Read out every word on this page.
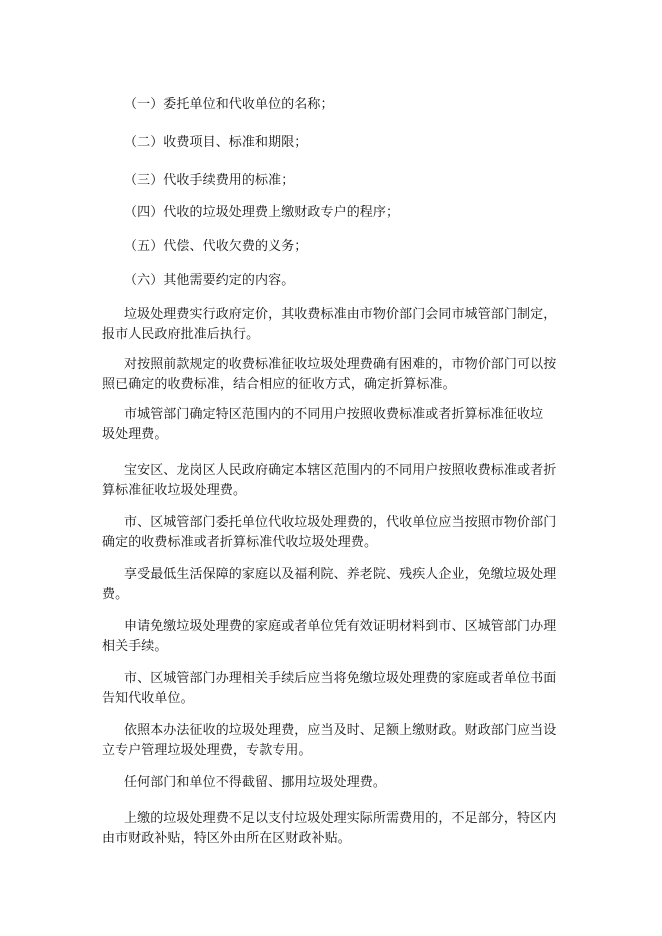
（一）委托单位和代收单位的名称；
（二）收费项目、标准和期限；
（三）代收手续费用的标准；
（四）代收的垃圾处理费上缴财政专户的程序；
（五）代偿、代收欠费的义务；
（六）其他需要约定的内容。
垃圾处理费实行政府定价，其收费标准由市物价部门会同市城管部门制定，
报市人民政府批准后执行。
对按照前款规定的收费标准征收垃圾处理费确有困难的，市物价部门可以按
照已确定的收费标准，结合相应的征收方式，确定折算标准。
市城管部门确定特区范围内的不同用户按照收费标准或者折算标准征收垃
圾处理费。
宝安区、龙岗区人民政府确定本辖区范围内的不同用户按照收费标准或者折
算标准征收垃圾处理费。
市、区城管部门委托单位代收垃圾处理费的，代收单位应当按照市物价部门
确定的收费标准或者折算标准代收垃圾处理费。
享受最低生活保障的家庭以及福利院、养老院、残疾人企业，免缴垃圾处理
费。
申请免缴垃圾处理费的家庭或者单位凭有效证明材料到市、区城管部门办理
相关手续。
市、区城管部门办理相关手续后应当将免缴垃圾处理费的家庭或者单位书面
告知代收单位。
依照本办法征收的垃圾处理费，应当及时、足额上缴财政。财政部门应当设
立专户管理垃圾处理费，专款专用。
任何部门和单位不得截留、挪用垃圾处理费。
上缴的垃圾处理费不足以支付垃圾处理实际所需费用的，不足部分，特区内
由市财政补贴，特区外由所在区财政补贴。
